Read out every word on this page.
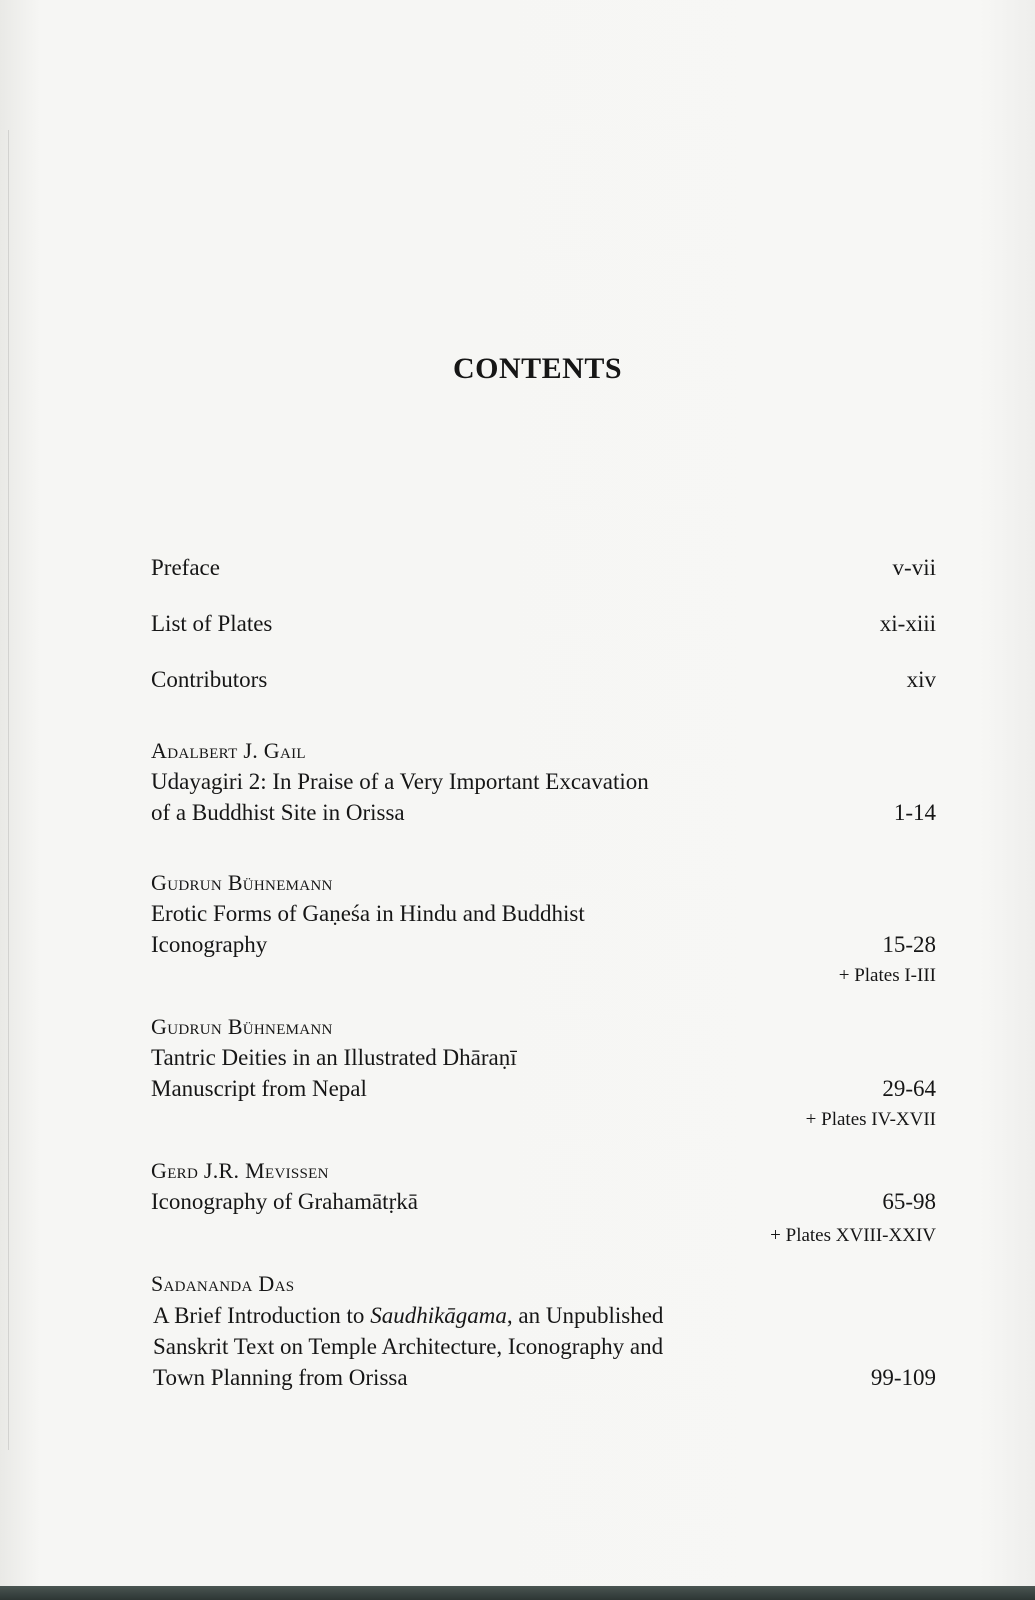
CONTENTS
Preface	v-vii
List of Plates	xi-xiii
Contributors	xiv
Adalbert J. Gail
Udayagiri 2: In Praise of a Very Important Excavation
of a Buddhist Site in Orissa	1-14
Gudrun Bühnemann
Erotic Forms of Gaṇeśa in Hindu and Buddhist
Iconography	15-28
+ Plates I-III
Gudrun Bühnemann
Tantric Deities in an Illustrated Dhāraṇī
Manuscript from Nepal	29-64
+ Plates IV-XVII
Gerd J.R. Mevissen
Iconography of Grahamātṛkā	65-98
+ Plates XVIII-XXIV
Sadananda Das
A Brief Introduction to Saudhikāgama, an Unpublished
Sanskrit Text on Temple Architecture, Iconography and
Town Planning from Orissa	99-109
